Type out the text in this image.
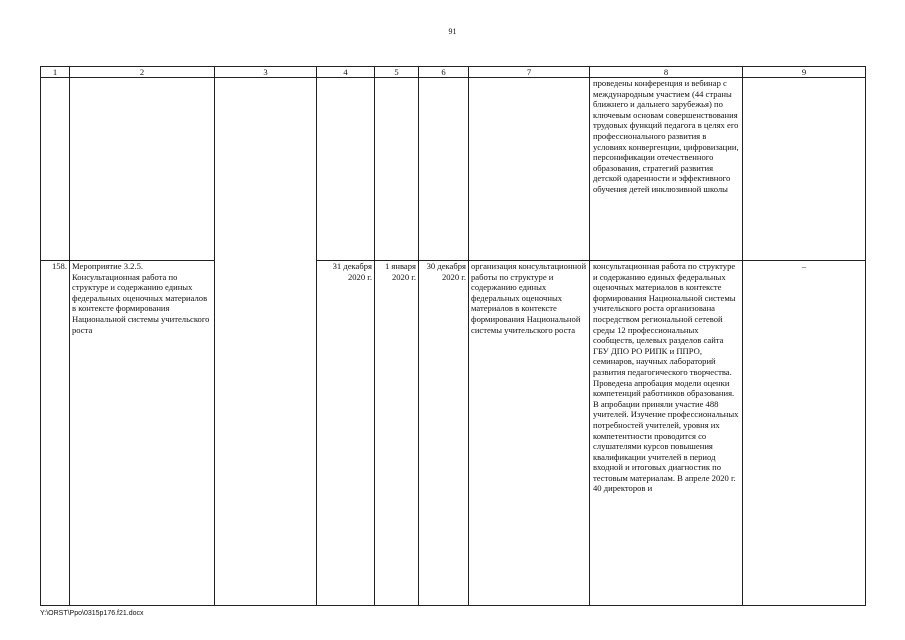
91
1	2	3	4	5	6	7	8	9
							проведены конференция и вебинар с международным участием (44 страны ближнего и дальнего зарубежья) по ключевым основам совершенствования трудовых функций педагога в целях его профессионального развития в условиях конвергенции, цифровизации, персонификации отечественного образования, стратегий развития детской одаренности и эффективного обучения детей инклюзивной школы	
158.	Мероприятие 3.2.5. Консультационная работа по структуре и содержанию единых федеральных оценочных материалов в контексте формирования Национальной системы учительского роста		31 декабря 2020 г.	1 января 2020 г.	30 декабря 2020 г.	организация консультационной работы по структуре и содержанию единых федеральных оценочных материалов в контексте формирования Национальной системы учительского роста	консультационная работа по структуре и содержанию единых федеральных оценочных материалов в контексте формирования Национальной системы учительского роста организована посредством региональной сетевой среды 12 профессиональных сообществ, целевых разделов сайта ГБУ ДПО РО РИПК и ППРО, семинаров, научных лабораторий развития педагогического творчества. Проведена апробация модели оценки компетенций работников образования. В апробации приняли участие 488 учителей. Изучение профессиональных потребностей учителей, уровня их компетентности проводится со слушателями курсов повышения квалификации учителей в период входной и итоговых диагностик по тестовым материалам. В апреле 2020 г. 40 директоров и	–
Y:\ORST\Ppo\0315p176.f21.docx
